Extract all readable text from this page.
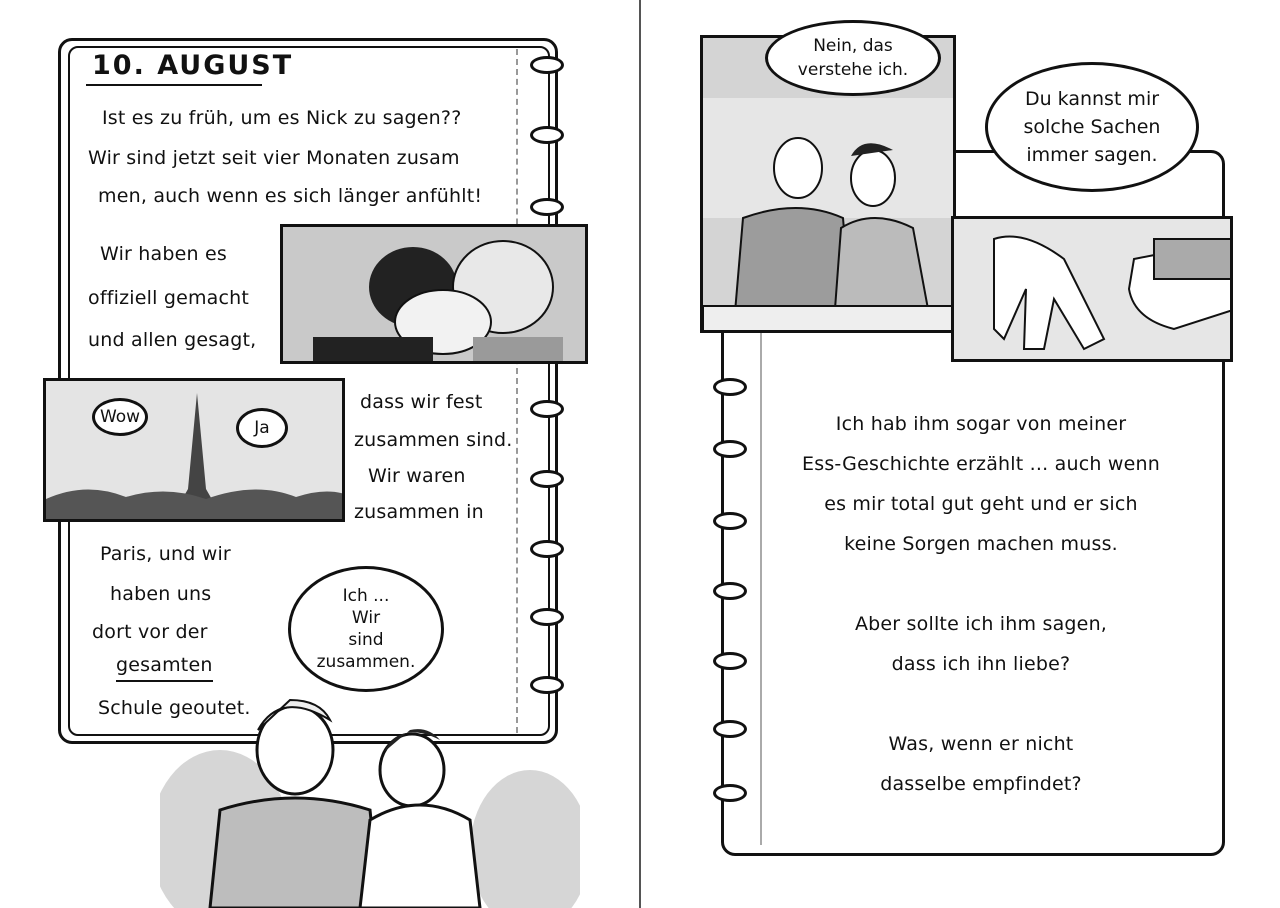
10. AUGUST
Ist es zu früh, um es Nick zu sagen??
Wir sind jetzt seit vier Monaten zusam
men, auch wenn es sich länger anfühlt!
Wir haben es
offiziell gemacht
und allen gesagt,
Wow
Ja
dass wir fest
zusammen sind.
Wir waren
zusammen in
Paris, und wir
haben uns
dort vor der
gesamten
Schule geoutet.
Ich ...
Wir
sind
zusammen.
Nein, das
verstehe ich.
Du kannst mir
solche Sachen
immer sagen.
Ich hab ihm sogar von meiner
Ess-Geschichte erzählt ... auch wenn
es mir total gut geht und er sich
keine Sorgen machen muss.
Aber sollte ich ihm sagen,
dass ich ihn liebe?
Was, wenn er nicht
dasselbe empfindet?
